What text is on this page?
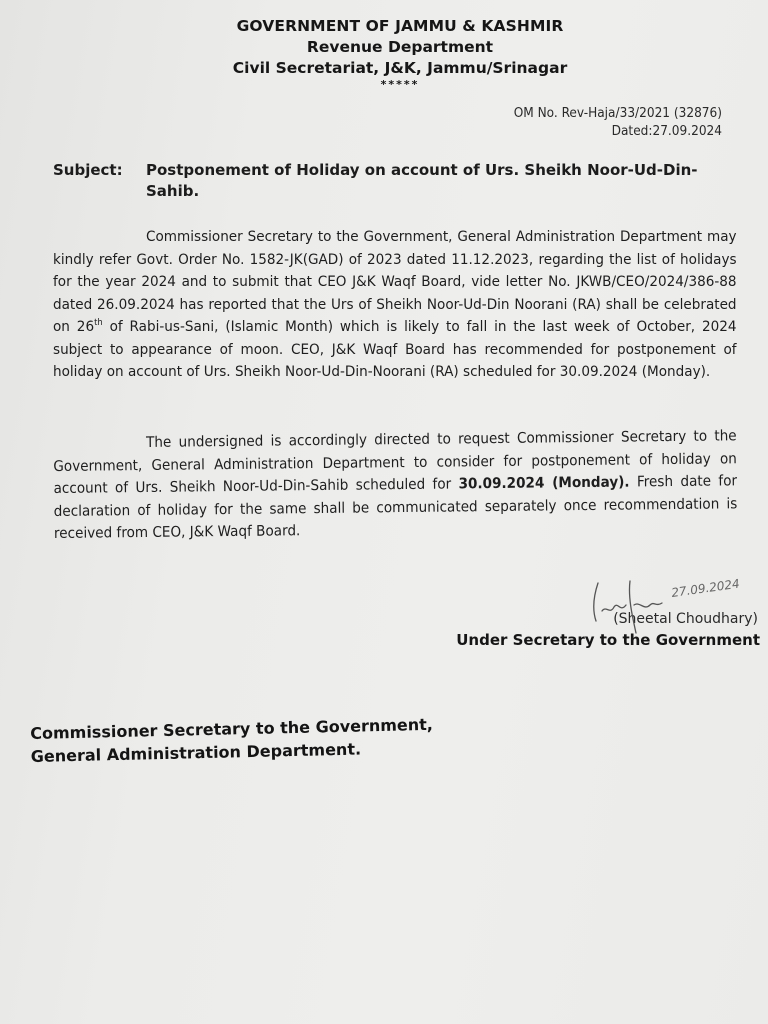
GOVERNMENT OF JAMMU & KASHMIR
Revenue Department
Civil Secretariat, J&K, Jammu/Srinagar
*****
OM No. Rev-Haja/33/2021 (32876)
Dated:27.09.2024
Subject:	Postponement of Holiday on account of Urs. Sheikh Noor-Ud-Din-Sahib.
Commissioner Secretary to the Government, General Administration Department may kindly refer Govt. Order No. 1582-JK(GAD) of 2023 dated 11.12.2023, regarding the list of holidays for the year 2024 and to submit that CEO J&K Waqf Board, vide letter No. JKWB/CEO/2024/386-88 dated 26.09.2024 has reported that the Urs of Sheikh Noor-Ud-Din Noorani (RA) shall be celebrated on 26th of Rabi-us-Sani, (Islamic Month) which is likely to fall in the last week of October, 2024 subject to appearance of moon. CEO, J&K Waqf Board has recommended for postponement of holiday on account of Urs. Sheikh Noor-Ud-Din-Noorani (RA) scheduled for 30.09.2024 (Monday).
The undersigned is accordingly directed to request Commissioner Secretary to the Government, General Administration Department to consider for postponement of holiday on account of Urs. Sheikh Noor-Ud-Din-Sahib scheduled for 30.09.2024 (Monday). Fresh date for declaration of holiday for the same shall be communicated separately once recommendation is received from CEO, J&K Waqf Board.
27.09.2024
(Sheetal Choudhary)
Under Secretary to the Government
Commissioner Secretary to the Government,
General Administration Department.
